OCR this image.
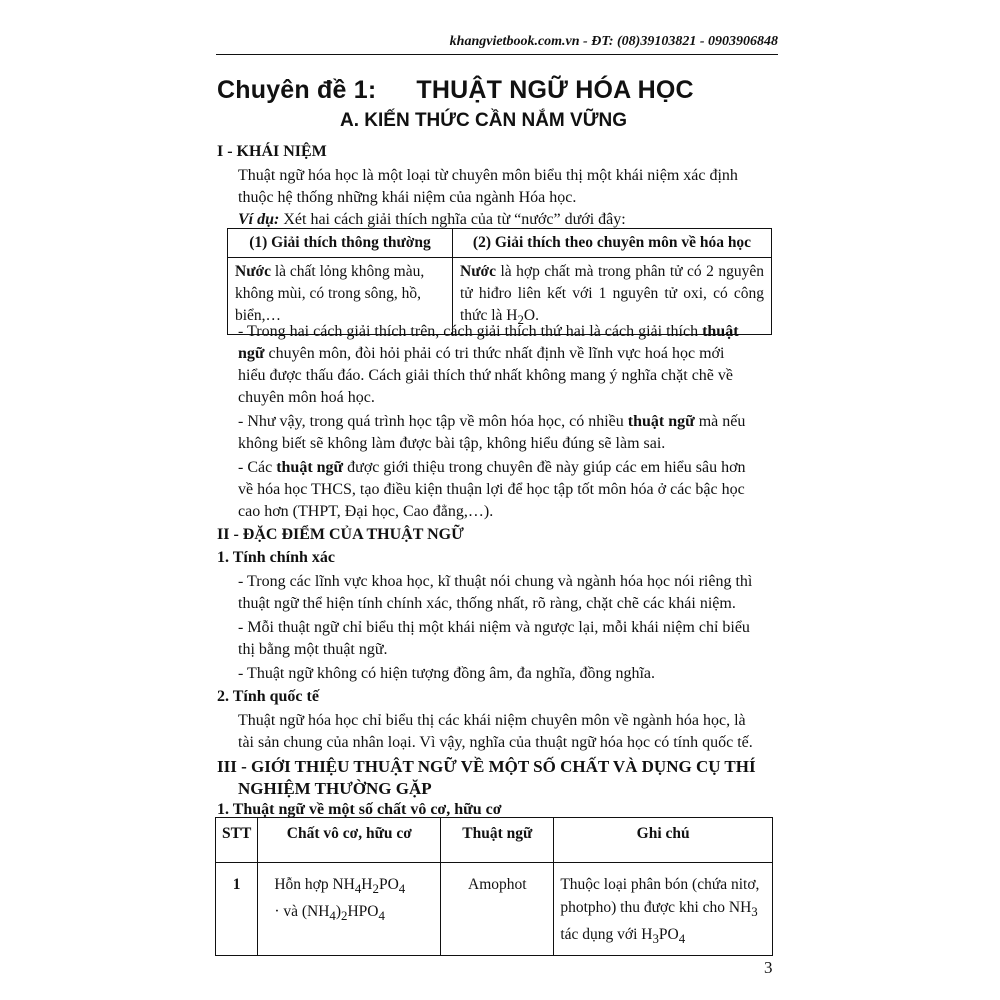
khangvietbook.com.vn - ĐT: (08)39103821 - 0903906848
Chuyên đề 1: THUẬT NGỮ HÓA HỌC
A. KIẾN THỨC CẦN NẮM VỮNG
I - KHÁI NIỆM
Thuật ngữ hóa học là một loại từ chuyên môn biểu thị một khái niệm xác định
thuộc hệ thống những khái niệm của ngành Hóa học.
Ví dụ: Xét hai cách giải thích nghĩa của từ “nước” dưới đây:
(1) Giải thích thông thường	(2) Giải thích theo chuyên môn về hóa học
Nước là chất lỏng không màu, không mùi, có trong sông, hồ, biển,…	Nước là hợp chất mà trong phân tử có 2 nguyên tử hiđro liên kết với 1 nguyên tử oxi, có công thức là $H_2O$.
- Trong hai cách giải thích trên, cách giải thích thứ hai là cách giải thích thuật
ngữ chuyên môn, đòi hỏi phải có tri thức nhất định về lĩnh vực hoá học mới
hiểu được thấu đáo. Cách giải thích thứ nhất không mang ý nghĩa chặt chẽ về
chuyên môn hoá học.
- Như vậy, trong quá trình học tập về môn hóa học, có nhiều thuật ngữ mà nếu
không biết sẽ không làm được bài tập, không hiểu đúng sẽ làm sai.
- Các thuật ngữ được giới thiệu trong chuyên đề này giúp các em hiểu sâu hơn
về hóa học THCS, tạo điều kiện thuận lợi để học tập tốt môn hóa ở các bậc học
cao hơn (THPT, Đại học, Cao đẳng,…).
II - ĐẶC ĐIỂM CỦA THUẬT NGỮ
1. Tính chính xác
- Trong các lĩnh vực khoa học, kĩ thuật nói chung và ngành hóa học nói riêng thì
thuật ngữ thể hiện tính chính xác, thống nhất, rõ ràng, chặt chẽ các khái niệm.
- Mỗi thuật ngữ chỉ biểu thị một khái niệm và ngược lại, mỗi khái niệm chỉ biểu
thị bằng một thuật ngữ.
- Thuật ngữ không có hiện tượng đồng âm, đa nghĩa, đồng nghĩa.
2. Tính quốc tế
Thuật ngữ hóa học chỉ biểu thị các khái niệm chuyên môn về ngành hóa học, là
tài sản chung của nhân loại. Vì vậy, nghĩa của thuật ngữ hóa học có tính quốc tế.
III - GIỚI THIỆU THUẬT NGỮ VỀ MỘT SỐ CHẤT VÀ DỤNG CỤ THÍ
NGHIỆM THƯỜNG GẶP
1. Thuật ngữ về một số chất vô cơ, hữu cơ
STT	Chất vô cơ, hữu cơ	Thuật ngữ	Ghi chú
1	Hỗn hợp $NH_4H_2PO_4$
· và $(NH_4)_2HPO_4$	Amophot	Thuộc loại phân bón (chứa nitơ, photpho) thu được khi cho $NH_3$ tác dụng với $H_3PO_4$
3
